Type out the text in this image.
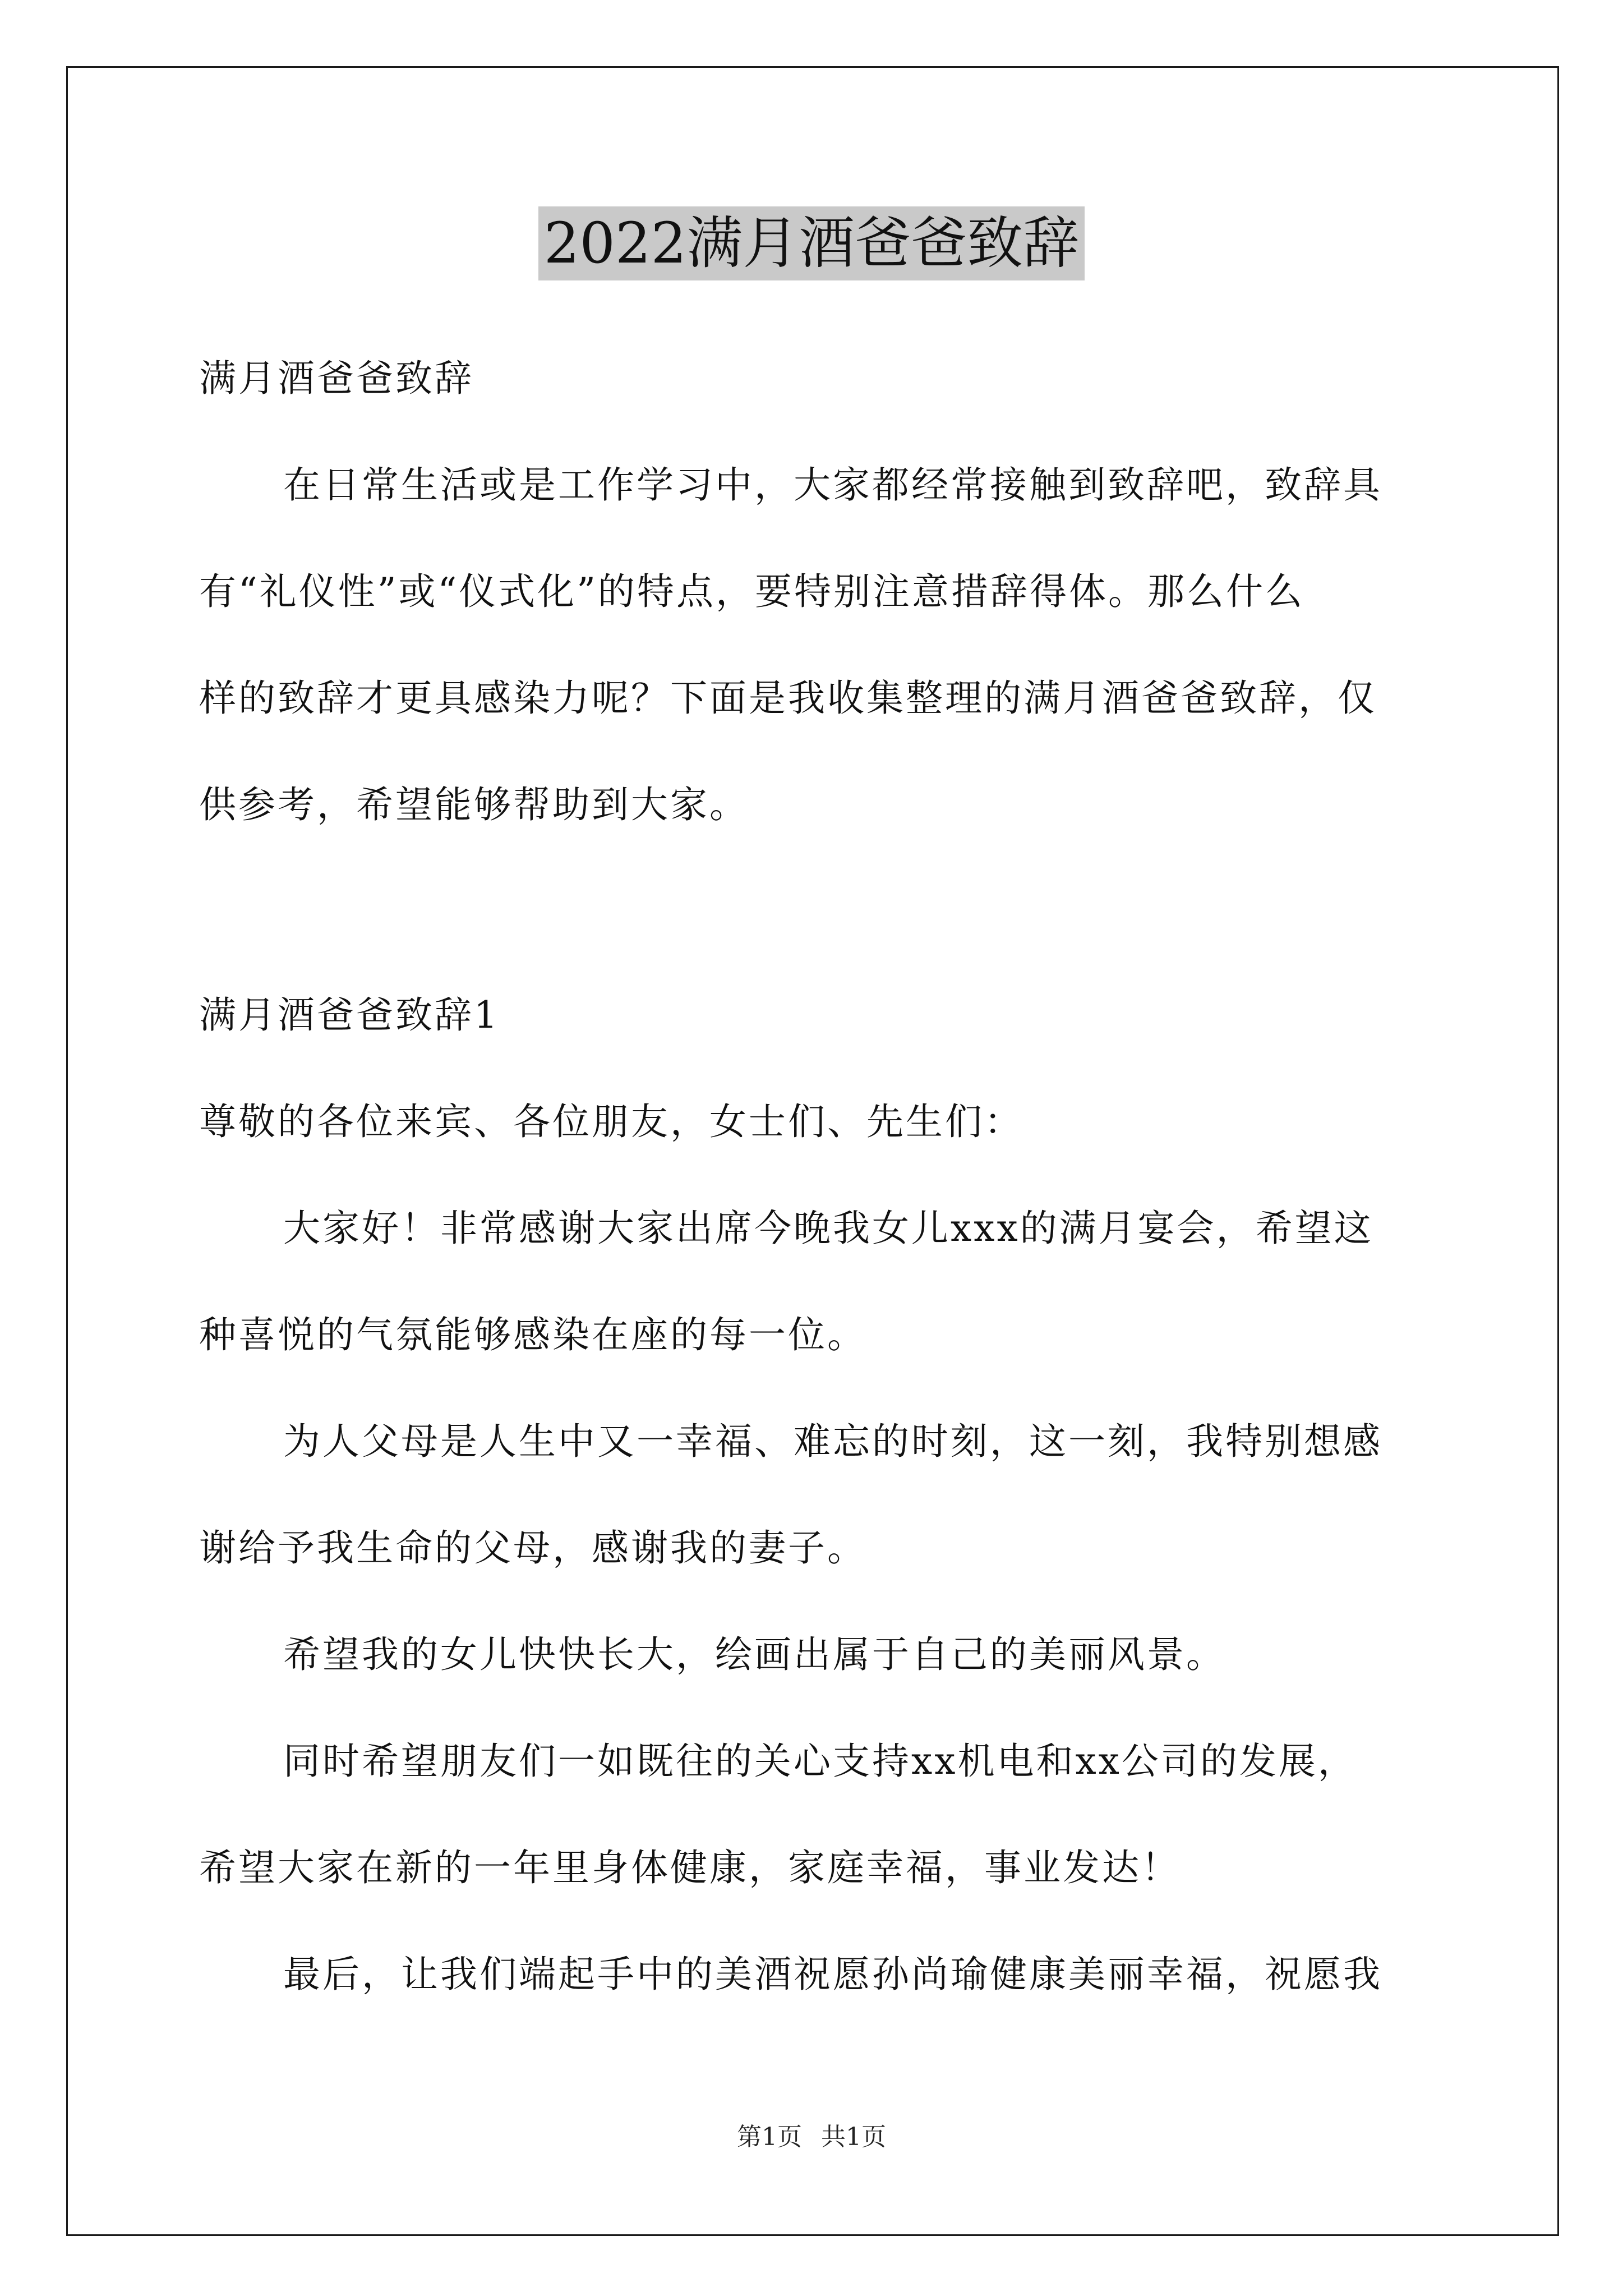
2022满月酒爸爸致辞
满月酒爸爸致辞
在日常生活或是工作学习中，大家都经常接触到致辞吧，致辞具
有“礼仪性”或“仪式化”的特点，要特别注意措辞得体。那么什么
样的致辞才更具感染力呢？下面是我收集整理的满月酒爸爸致辞，仅
供参考，希望能够帮助到大家。
满月酒爸爸致辞1
尊敬的各位来宾、各位朋友，女士们、先生们：
大家好！非常感谢大家出席今晚我女儿xxx的满月宴会，希望这
种喜悦的气氛能够感染在座的每一位。
为人父母是人生中又一幸福、难忘的时刻，这一刻，我特别想感
谢给予我生命的父母，感谢我的妻子。
希望我的女儿快快长大，绘画出属于自己的美丽风景。
同时希望朋友们一如既往的关心支持xx机电和xx公司的发展，
希望大家在新的一年里身体健康，家庭幸福，事业发达！
最后，让我们端起手中的美酒祝愿孙尚瑜健康美丽幸福，祝愿我
第1页 共1页
